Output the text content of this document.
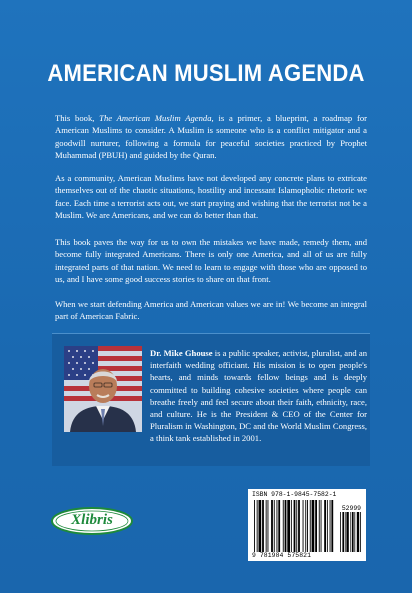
AMERICAN MUSLIM AGENDA
This book, The American Muslim Agenda, is a primer, a blueprint, a roadmap for American Muslims to consider. A Muslim is someone who is a conflict mitigator and a goodwill nurturer, following a formula for peaceful societies practiced by Prophet Muhammad (PBUH) and guided by the Quran.
As a community, American Muslims have not developed any concrete plans to extricate themselves out of the chaotic situations, hostility and incessant Islamophobic rhetoric we face. Each time a terrorist acts out, we start praying and wishing that the terrorist not be a Muslim. We are Americans, and we can do better than that.
This book paves the way for us to own the mistakes we have made, remedy them, and become fully integrated Americans. There is only one America, and all of us are fully integrated parts of that nation. We need to learn to engage with those who are opposed to us, and I have some good success stories to share on that front.
When we start defending America and American values we are in! We become an integral part of American Fabric.
Dr. Mike Ghouse is a public speaker, activist, pluralist, and an interfaith wedding officiant. His mission is to open people's hearts, and minds towards fellow beings and is deeply committed to building cohesive societies where people can breathe freely and feel secure about their faith, ethnicity, race, and culture. He is the President & CEO of the Center for Pluralism in Washington, DC and the World Muslim Congress, a think tank established in 2001.
Xlibris
ISBN 978-1-9845-7582-1
52999
9 781984 575821
